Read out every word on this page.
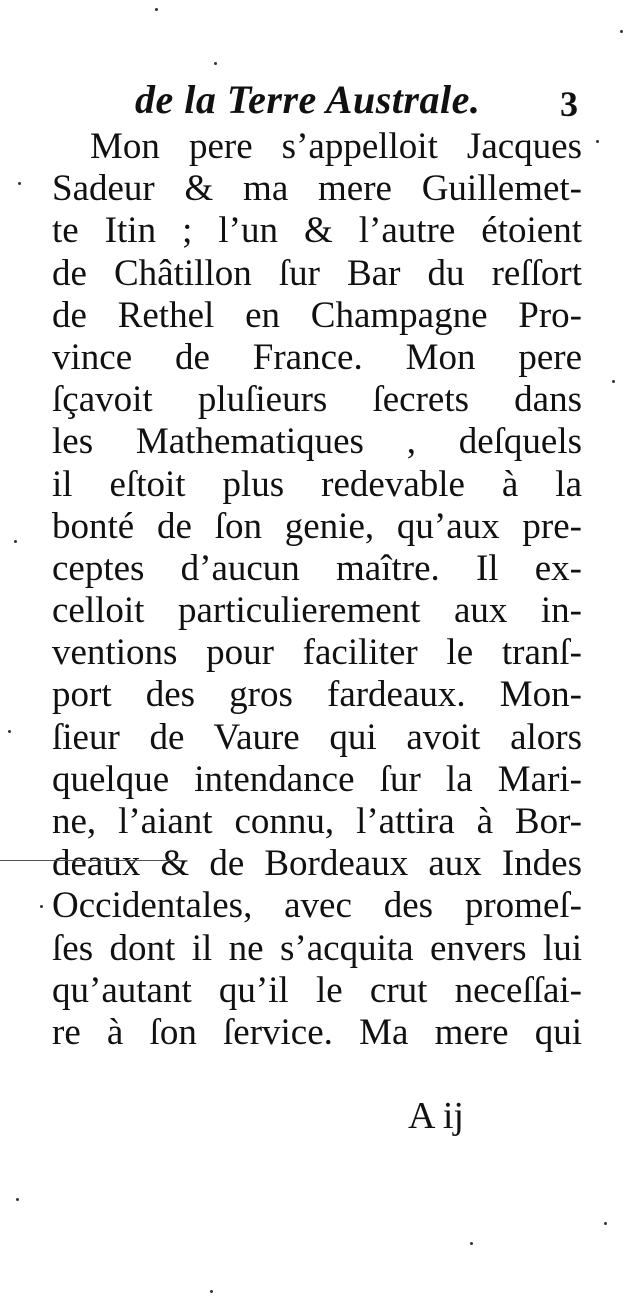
de la Terre Australe. 3
Mon pere s’appelloit Jacques
Sadeur & ma mere Guillemet-
te Itin ; l’un & l’autre étoient
de Châtillon ſur Bar du reſſort
de Rethel en Champagne Pro-
vince de France. Mon pere
ſçavoit pluſieurs ſecrets dans
les Mathematiques , deſquels
il eſtoit plus redevable à la
bonté de ſon genie, qu’aux pre-
ceptes d’aucun maître. Il ex-
celloit particulierement aux in-
ventions pour faciliter le tranſ-
port des gros fardeaux. Mon-
ſieur de Vaure qui avoit alors
quelque intendance ſur la Mari-
ne, l’aiant connu, l’attira à Bor-
deaux & de Bordeaux aux Indes
Occidentales, avec des promeſ-
ſes dont il ne s’acquita envers lui
qu’autant qu’il le crut neceſſai-
re à ſon ſervice. Ma mere qui
A ij
